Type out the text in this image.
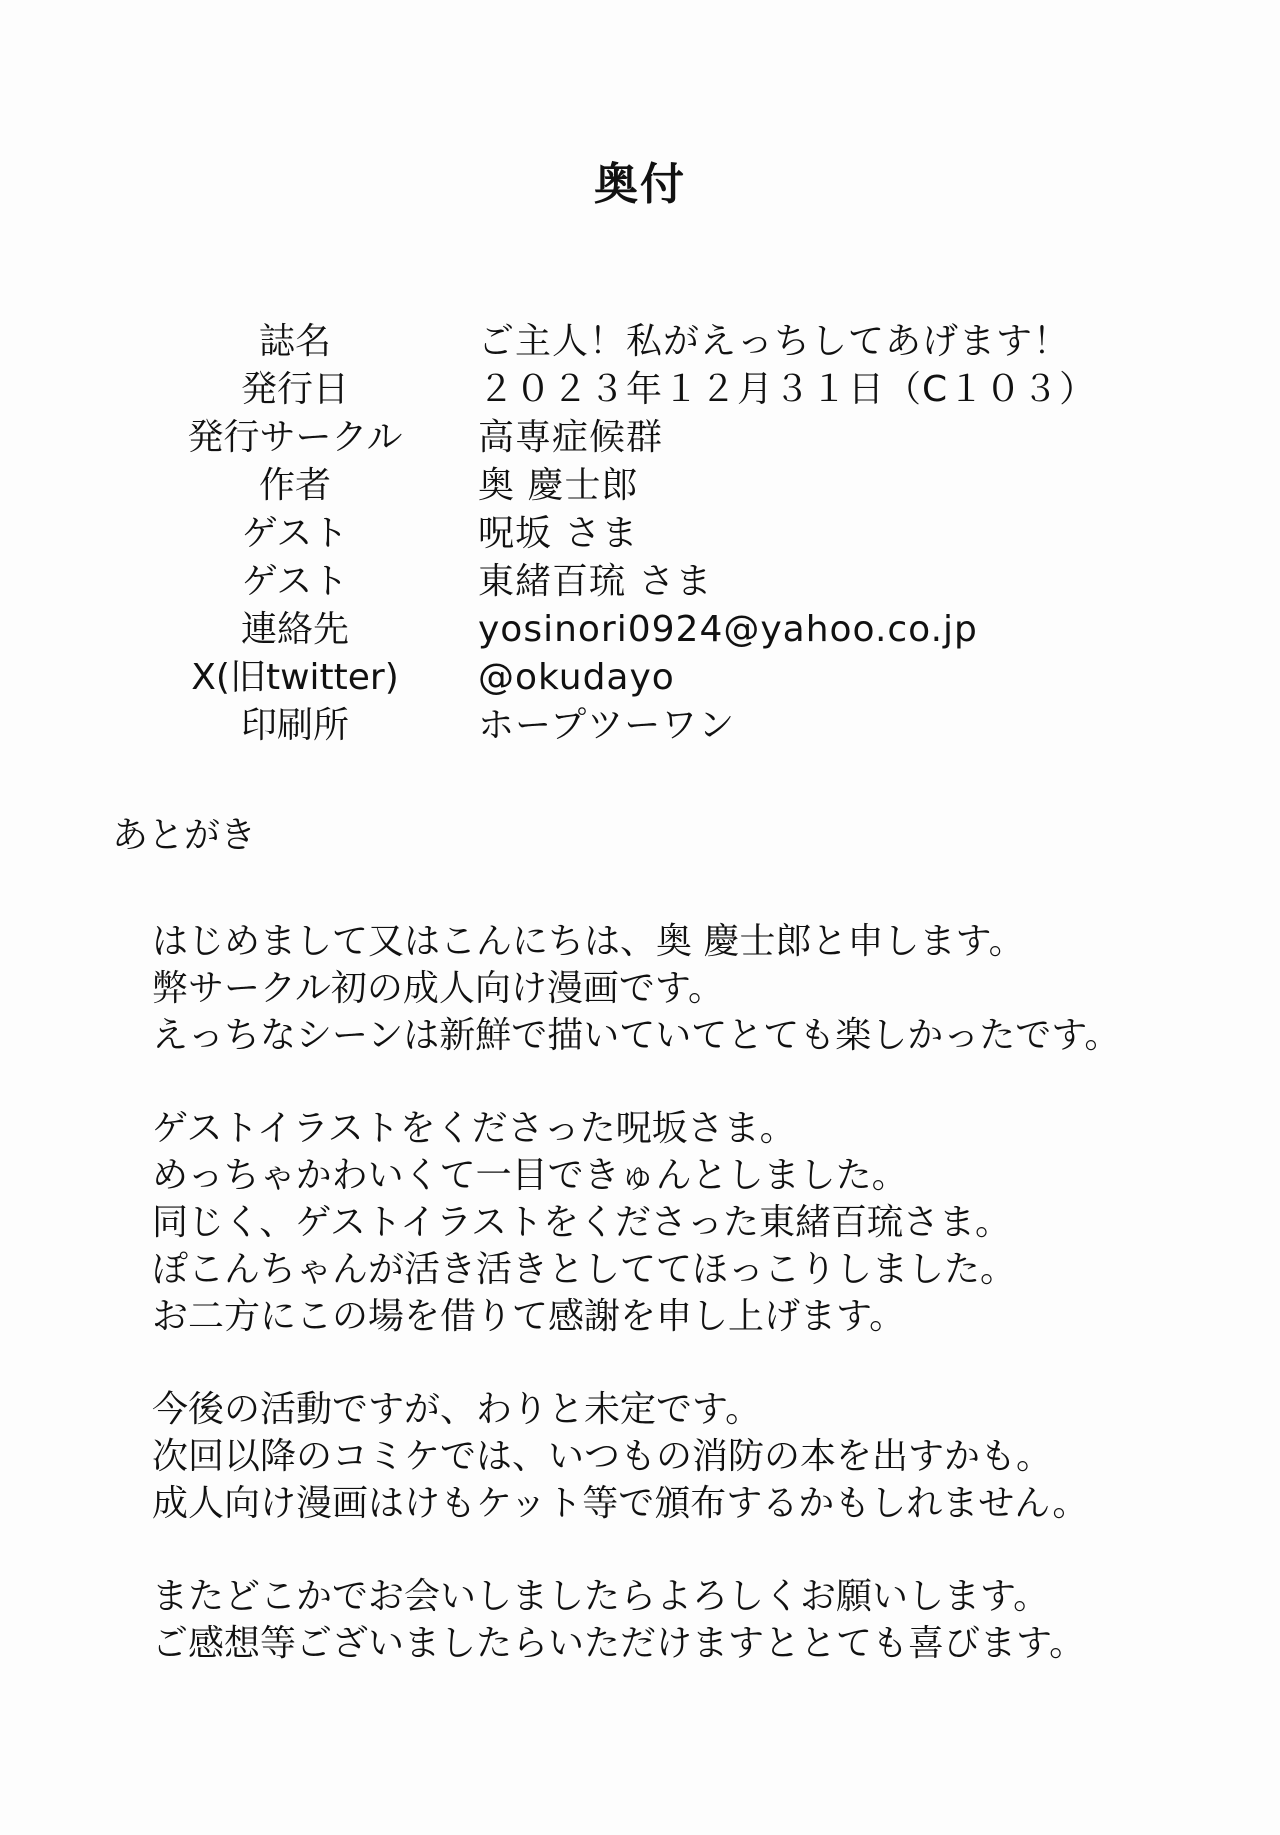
奥付
誌名	ご主人！私がえっちしてあげます！
発行日	２０２３年１２月３１日（C１０３）
発行サークル	高専症候群
作者	奥 慶士郎
ゲスト	呪坂 さま
ゲスト	東緒百琉 さま
連絡先	yosinori0924@yahoo.co.jp
X(旧twitter)	@okudayo
印刷所	ホープツーワン
あとがき

はじめまして又はこんにちは、奥 慶士郎と申します。
弊サークル初の成人向け漫画です。
えっちなシーンは新鮮で描いていてとても楽しかったです。

ゲストイラストをくださった呪坂さま。
めっちゃかわいくて一目できゅんとしました。
同じく、ゲストイラストをくださった東緒百琉さま。
ぽこんちゃんが活き活きとしててほっこりしました。
お二方にこの場を借りて感謝を申し上げます。

今後の活動ですが、わりと未定です。
次回以降のコミケでは、いつもの消防の本を出すかも。
成人向け漫画はけもケット等で頒布するかもしれません。

またどこかでお会いしましたらよろしくお願いします。
ご感想等ございましたらいただけますととても喜びます。
